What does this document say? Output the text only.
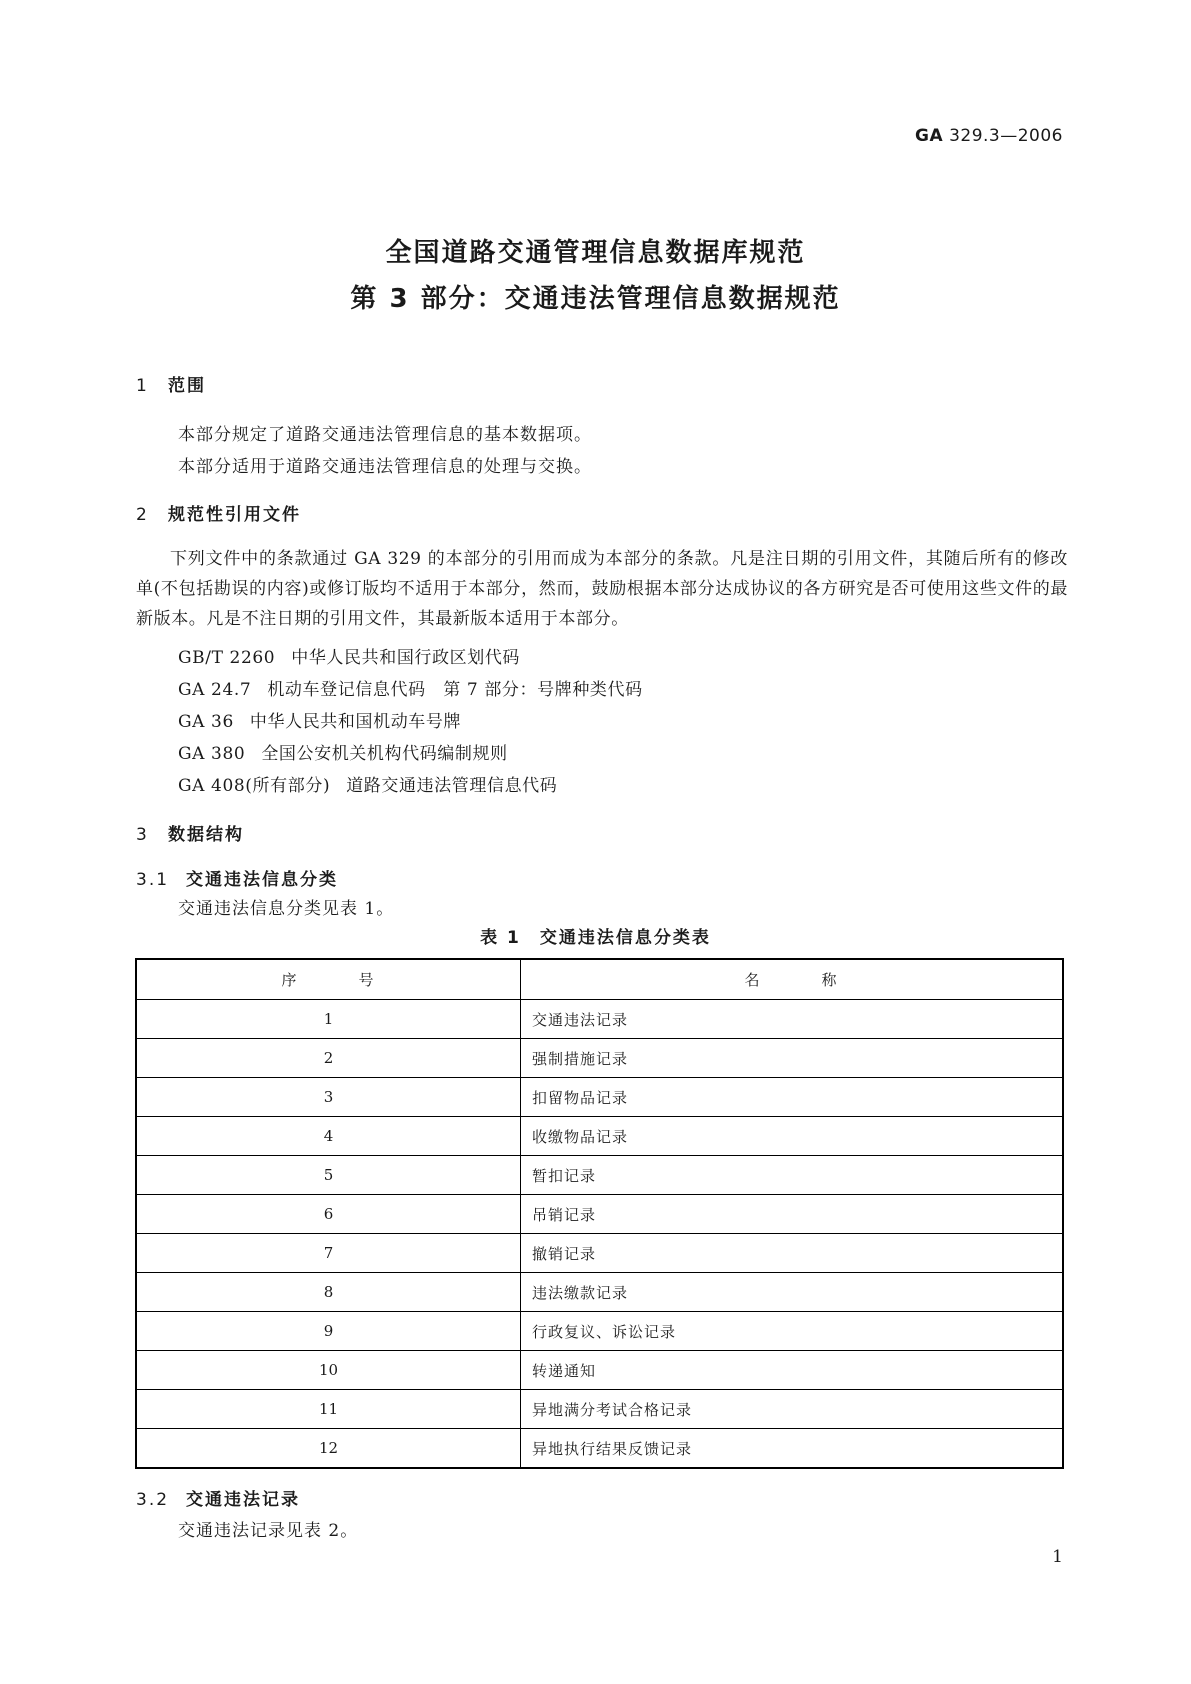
GA 329.3—2006
全国道路交通管理信息数据库规范
第 3 部分：交通违法管理信息数据规范
1 范围
本部分规定了道路交通违法管理信息的基本数据项。
本部分适用于道路交通违法管理信息的处理与交换。
2 规范性引用文件

下列文件中的条款通过 GA 329 的本部分的引用而成为本部分的条款。凡是注日期的引用文件，其随后所有的修改单(不包括勘误的内容)或修订版均不适用于本部分，然而，鼓励根据本部分达成协议的各方研究是否可使用这些文件的最新版本。凡是不注日期的引用文件，其最新版本适用于本部分。

GB/T 2260 中华人民共和国行政区划代码
GA 24.7 机动车登记信息代码　第 7 部分：号牌种类代码
GA 36 中华人民共和国机动车号牌
GA 380 全国公安机关机构代码编制规则
GA 408(所有部分) 道路交通违法管理信息代码
3 数据结构
3.1 交通违法信息分类
交通违法信息分类见表 1。
表 1　交通违法信息分类表
序 号	名 称
1	交通违法记录
2	强制措施记录
3	扣留物品记录
4	收缴物品记录
5	暂扣记录
6	吊销记录
7	撤销记录
8	违法缴款记录
9	行政复议、诉讼记录
10	转递通知
11	异地满分考试合格记录
12	异地执行结果反馈记录
3.2 交通违法记录
交通违法记录见表 2。
1
